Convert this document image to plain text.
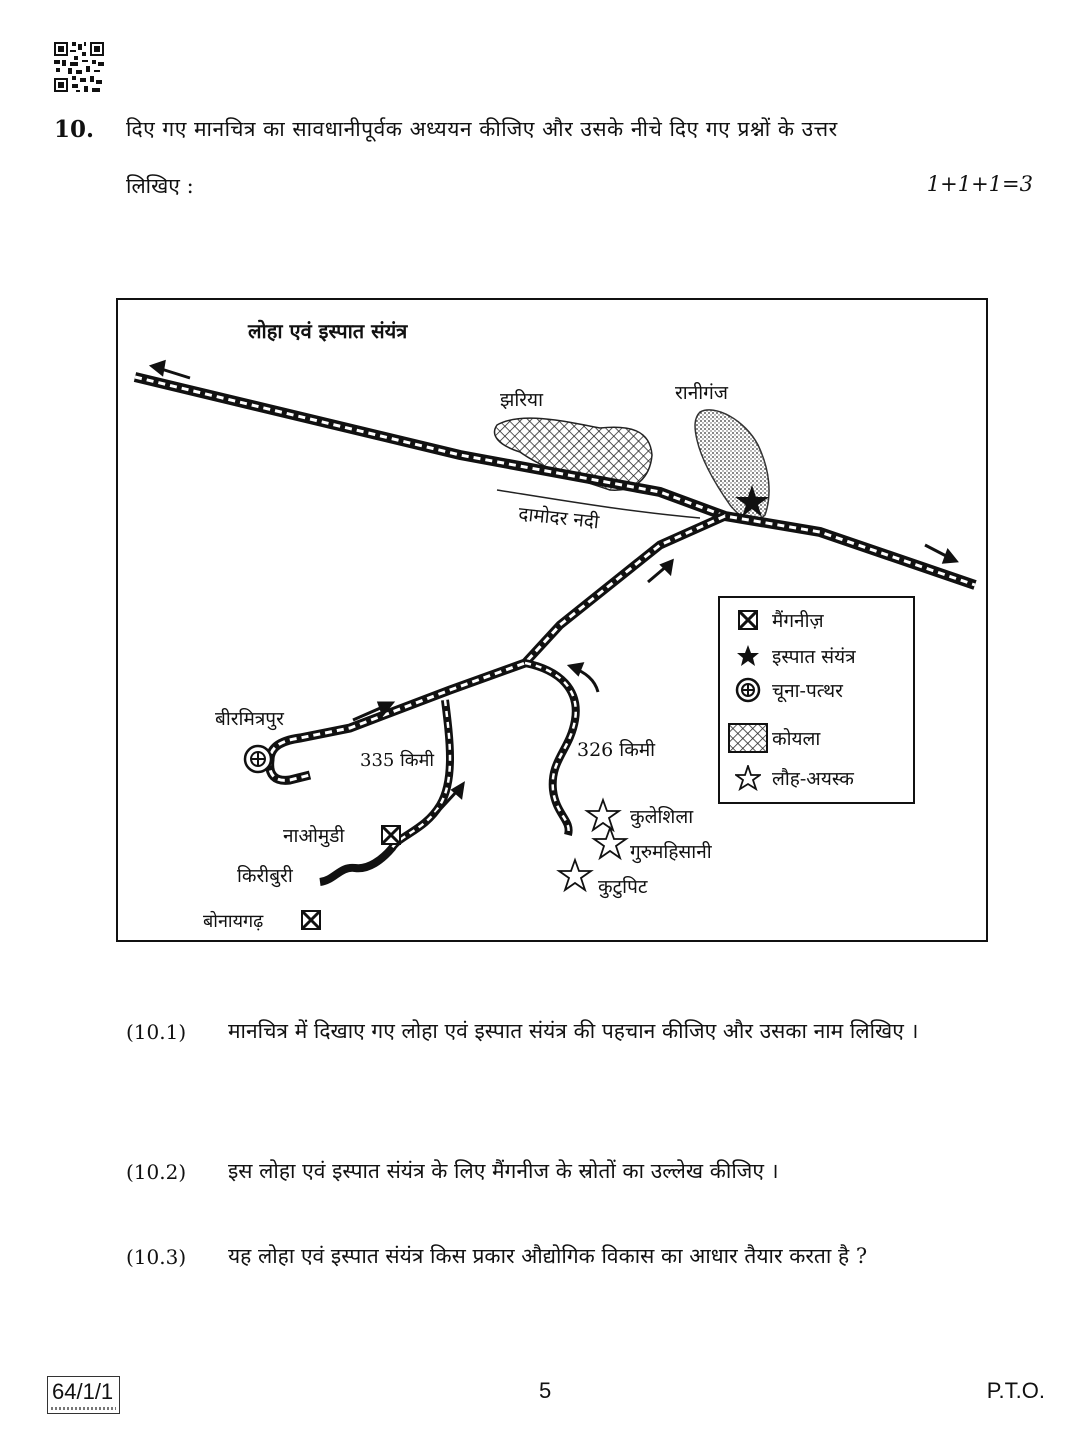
10. दिए गए मानचित्र का सावधानीपूर्वक अध्ययन कीजिए और उसके नीचे दिए गए प्रश्नों के उत्तर
लिखिए :	1+1+1=3
लोहा एवं इस्पात संयंत्र
झरिया	रानीगंज
दामोदर नदी
बीरमित्रपुर
335 किमी	326 किमी
नाओमुडी
किरीबुरी
बोनायगढ़
कुलेशिला
गुरुमहिसानी
कुटुपिट
मैंगनीज़
इस्पात संयंत्र
चूना-पत्थर
कोयला
लौह-अयस्क
(10.1) मानचित्र में दिखाए गए लोहा एवं इस्पात संयंत्र की पहचान कीजिए और उसका नाम लिखिए ।
(10.2) इस लोहा एवं इस्पात संयंत्र के लिए मैंगनीज के स्रोतों का उल्लेख कीजिए ।
(10.3) यह लोहा एवं इस्पात संयंत्र किस प्रकार औद्योगिक विकास का आधार तैयार करता है ?
64/1/1	5	P.T.O.
